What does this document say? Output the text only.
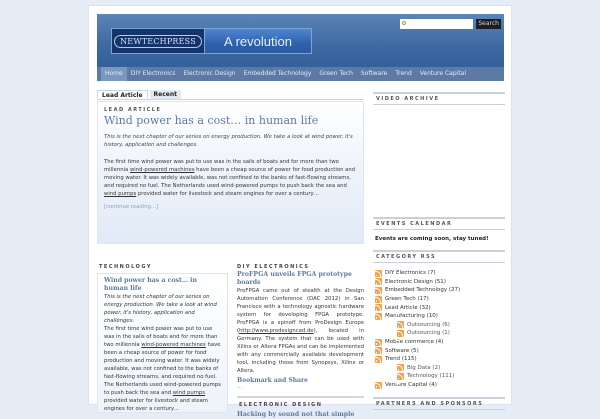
NEWTECHPRESS	A revolution
Search
Home	DIY Electronics	Electronic Design	Embedded Technology	Green Tech	Software	Trend	Venture Capital
Lead Article	Recent
LEAD ARTICLE
Wind power has a cost… in human life
This is the next chapter of our series on energy production. We take a look at wind power, it's history, application and challenges.
The first time wind power was put to use was in the sails of boats and for more than two millennia wind-powered machines have been a cheap source of power for food production and moving water. It was widely available, was not confined to the banks of fast-flowing streams, and required no fuel. The Netherlands used wind-powered pumps to push back the sea and wind pumps provided water for livestock and steam engines for over a century…
[continue reading…]
TECHNOLOGY
Wind power has a cost… in human life
This is the next chapter of our series on energy production. We take a look at wind power, it's history, application and challenges.
The first time wind power was put to use was in the sails of boats and for more than two millennia wind-powered machines have been a cheap source of power for food production and moving water. It was widely available, was not confined to the banks of fast-flowing streams, and required no fuel. The Netherlands used wind-powered pumps to push back the sea and wind pumps provided water for livestock and steam engines for over a century…
DIY ELECTRONICS
ProFPGA unveils FPGA prototype boards
ProFPGA came out of stealth at the Design Automation Conference (DAC 2012) in San Francisco with a technology agnostic hardware system for developing FPGA prototype. ProFPGA is a spinoff from ProDesign Europe (http://www.prodesigncad.de), located in Germany. The system that can be used with Xilinx or Altera FPGAs and can be implemented with any commercially available development tool, including those from Synopsys, Xilinx or Altera.
Bookmark and Share
…
ELECTRONIC DESIGN
Hacking by sound not that simple
VIDEO ARCHIVE
EVENTS CALENDAR
Events are coming soon, stay tuned!
CATEGORY RSS
DIY Electronics (7)
Electronic Design (51)
Embedded Technology (27)
Green Tech (17)
Lead Article (32)
Manufacturing (10)
Outsourcing (6)
Outsourcing (1)
Mobile commerce (4)
Software (5)
Trend (115)
Big Data (2)
Technology (111)
Venture Capital (4)
PARTNERS AND SPONSORS
